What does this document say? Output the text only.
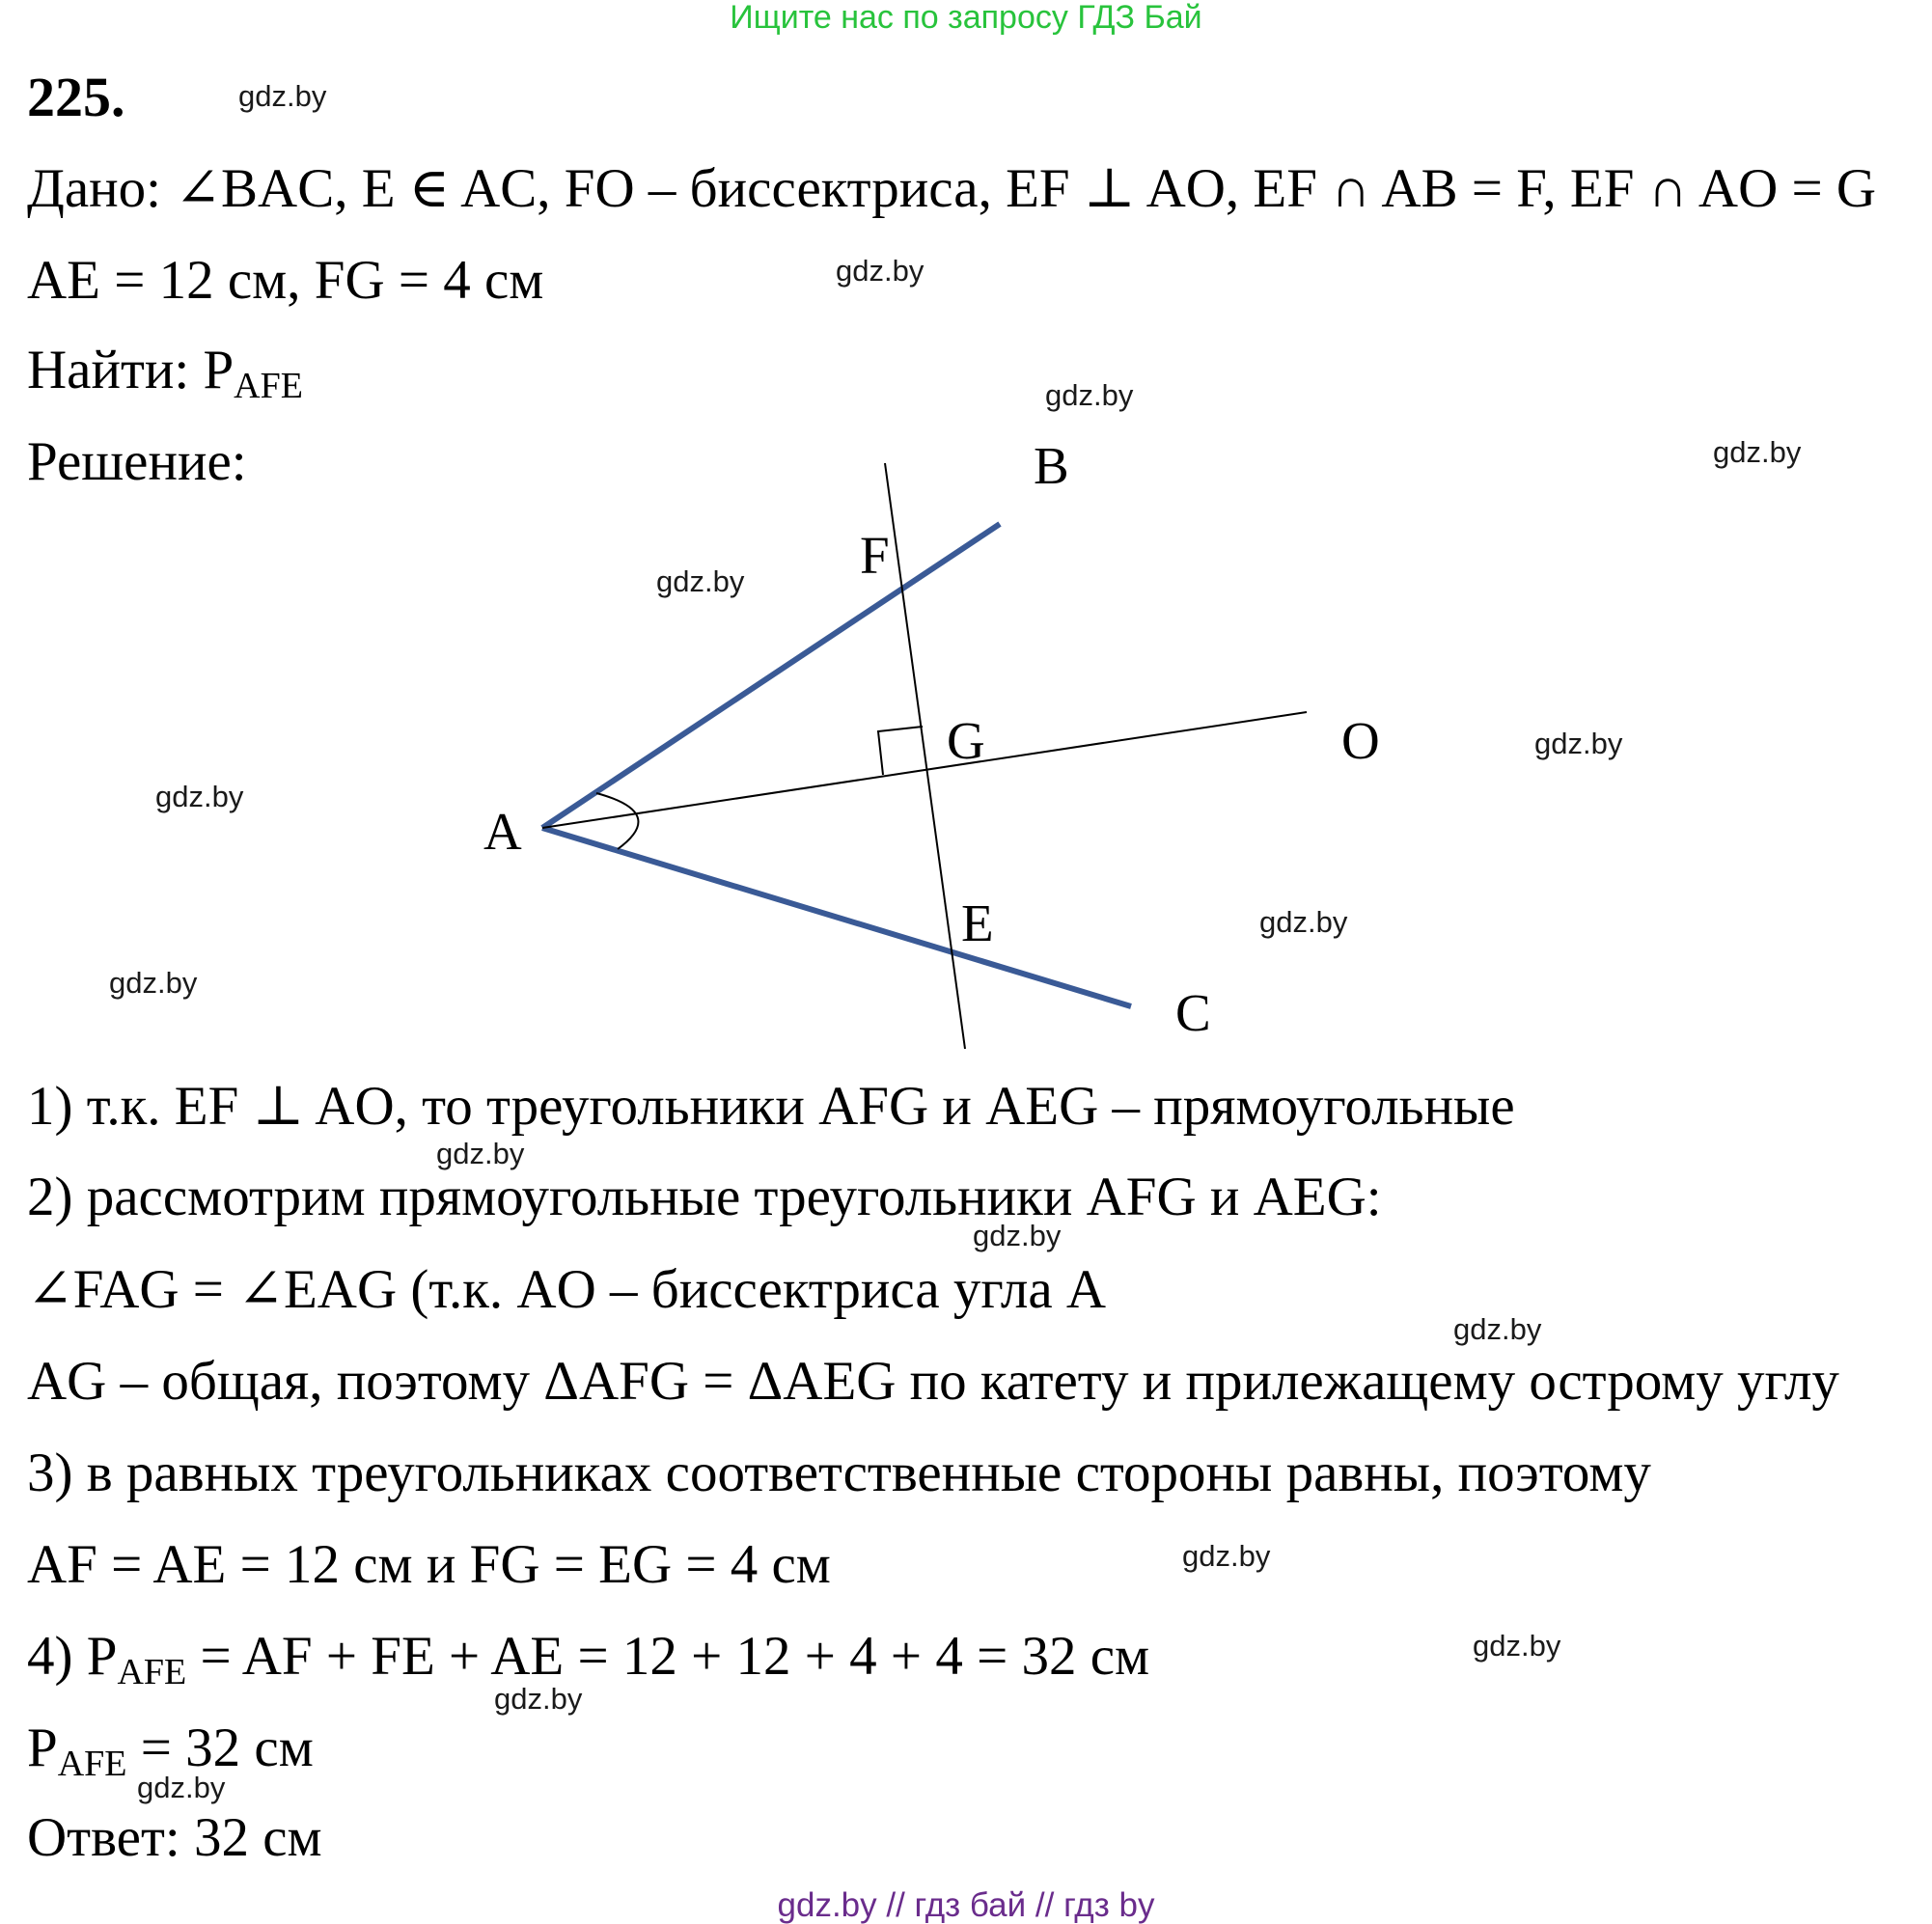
Ищите нас по запросу ГДЗ Бай
225.
Дано: ∠BAC, E ∈ AC, FO – биссектриса, EF ⊥ AO, EF ∩ AB = F, EF ∩ AO = G
AE = 12 см, FG = 4 см
Найти: $P_{AFE}$
Решение:	B
F
G	O
A
E
C
1) т.к. EF ⊥ AO, то треугольники AFG и AEG – прямоугольные
2) рассмотрим прямоугольные треугольники AFG и AEG:
∠FAG = ∠EAG (т.к. AO – биссектриса угла A
AG – общая, поэтому ΔAFG = ΔAEG по катету и прилежащему острому углу
3) в равных треугольниках соответственные стороны равны, поэтому
AF = AE = 12 см и FG = EG = 4 см
4) $P_{AFE}$ = AF + FE + AE = 12 + 12 + 4 + 4 = 32 см
$P_{AFE} = 32$ см
Ответ: 32 см
gdz.by
gdz.by
gdz.by
gdz.by
gdz.by
gdz.by
gdz.by
gdz.by
gdz.by
gdz.by
gdz.by
gdz.by
gdz.by
gdz.by
gdz.by
gdz.by
gdz.by // гдз бай // гдз by
